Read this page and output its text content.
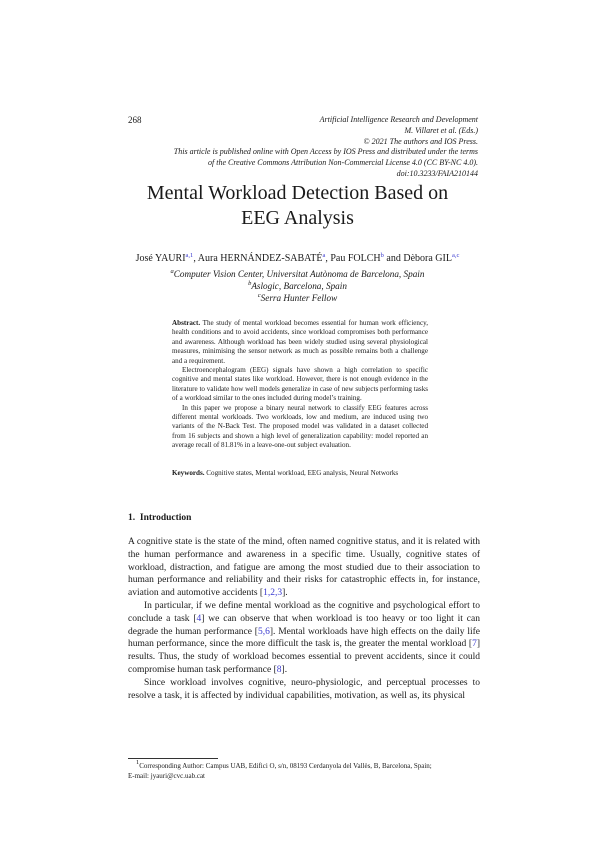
268	Artificial Intelligence Research and Development
M. Villaret et al. (Eds.)
© 2021 The authors and IOS Press.
This article is published online with Open Access by IOS Press and distributed under the terms
of the Creative Commons Attribution Non-Commercial License 4.0 (CC BY-NC 4.0).
doi:10.3233/FAIA210144
Mental Workload Detection Based on
EEG Analysis
José YAURI$^{a,1}$, Aura HERNÁNDEZ-SABATÉ$^a$, Pau FOLCH$^b$ and Dèbora GIL$^{a,c}$
$^a$Computer Vision Center, Universitat Autònoma de Barcelona, Spain
$^b$Aslogic, Barcelona, Spain
$^c$Serra Hunter Fellow

Abstract. The study of mental workload becomes essential for human work efficiency, health conditions and to avoid accidents, since workload compromises both performance and awareness. Although workload has been widely studied using several physiological measures, minimising the sensor network as much as possible remains both a challenge and a requirement.

Electroencephalogram (EEG) signals have shown a high correlation to specific cognitive and mental states like workload. However, there is not enough evidence in the literature to validate how well models generalize in case of new subjects performing tasks of a workload similar to the ones included during model’s training.

In this paper we propose a binary neural network to classify EEG features across different mental workloads. Two workloads, low and medium, are induced using two variants of the N-Back Test. The proposed model was validated in a dataset collected from 16 subjects and shown a high level of generalization capability: model reported an average recall of 81.81% in a leave-one-out subject evaluation.

Keywords. Cognitive states, Mental workload, EEG analysis, Neural Networks
1. Introduction

A cognitive state is the state of the mind, often named cognitive status, and it is related with the human performance and awareness in a specific time. Usually, cognitive states of workload, distraction, and fatigue are among the most studied due to their association to human performance and reliability and their risks for catastrophic effects in, for instance, aviation and automotive accidents [1,2,3].

In particular, if we define mental workload as the cognitive and psychological effort to conclude a task [4] we can observe that when workload is too heavy or too light it can degrade the human performance [5,6]. Mental workloads have high effects on the daily life human performance, since the more difficult the task is, the greater the mental workload [7] results. Thus, the study of workload becomes essential to prevent accidents, since it could compromise human task performance [8].

Since workload involves cognitive, neuro-physiologic, and perceptual processes to resolve a task, it is affected by individual capabilities, motivation, as well as, its physical

$^1$Corresponding Author: Campus UAB, Edifici O, s/n, 08193 Cerdanyola del Vallès, B, Barcelona, Spain;
E-mail: jyauri@cvc.uab.cat
